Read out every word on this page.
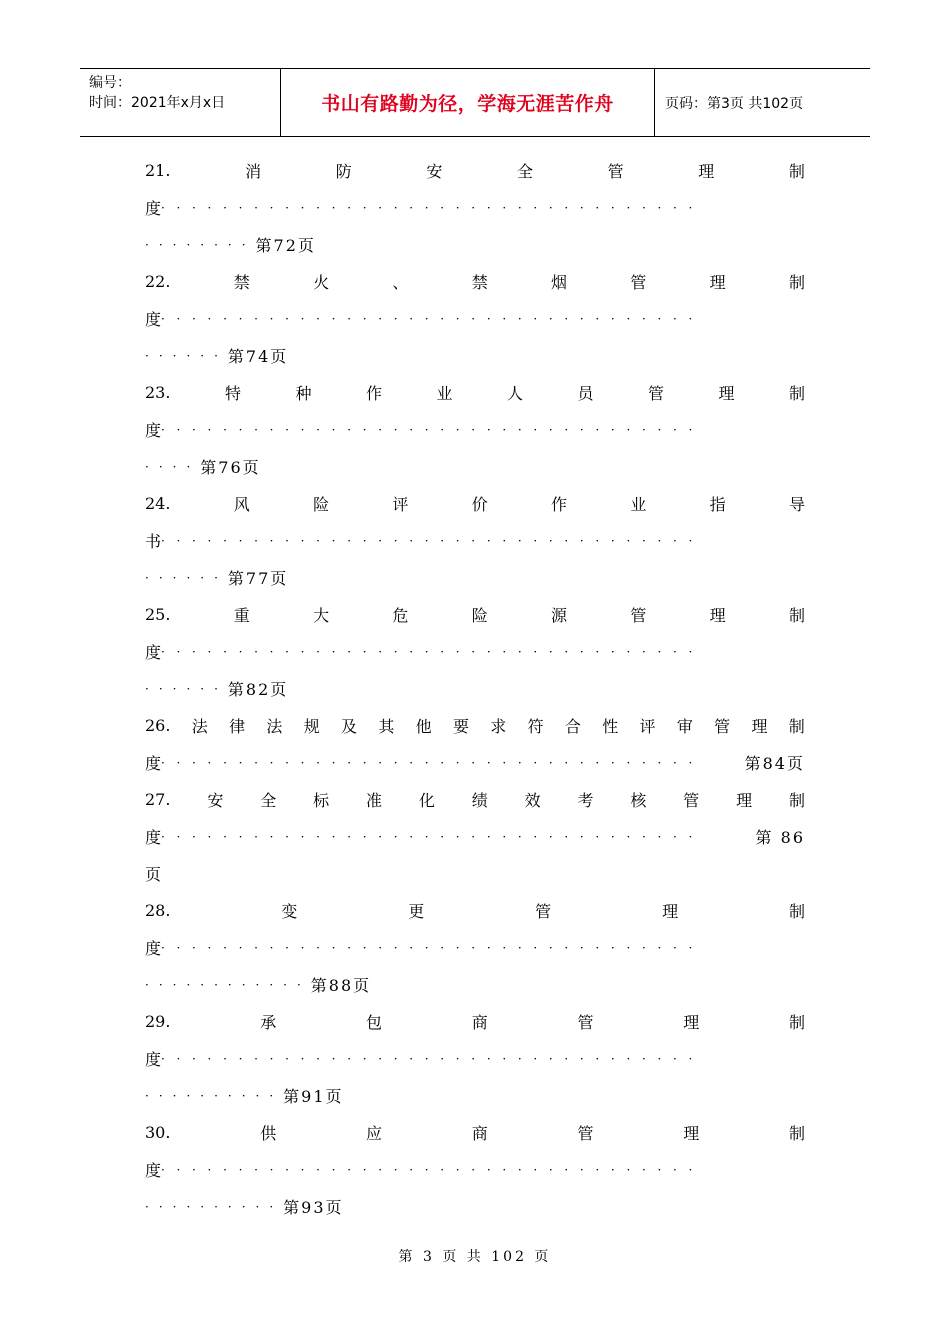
编号：
时间：2021年x月x日	书山有路勤为径，学海无涯苦作舟	页码：第3页 共102页
21.	消	防	安	全	管	理	制
度 ···································
········ 第72页
22.	禁	火	、	禁	烟	管	理	制
度 ···································
······ 第74页
23.	特	种	作	业	人	员	管	理	制
度 ···································
···· 第76页
24.	风	险	评	价	作	业	指	导
书 ···································
······ 第77页
25.	重	大	危	险	源	管	理	制
度 ···································
······ 第82页
26. 法 律 法 规 及 其 他 要 求 符 合 性 评 审 管 理 制
度 ···································	第84页
27. 安 全 标 准 化 绩 效 考 核 管 理 制
度 ···································	第 86
页
28.	变	更	管	理	制
度 ···································
············ 第88页
29.	承	包	商	管	理	制
度 ···································
·········· 第91页
30.	供	应	商	管	理	制
度 ···································
·········· 第93页
第 3 页 共 102 页
